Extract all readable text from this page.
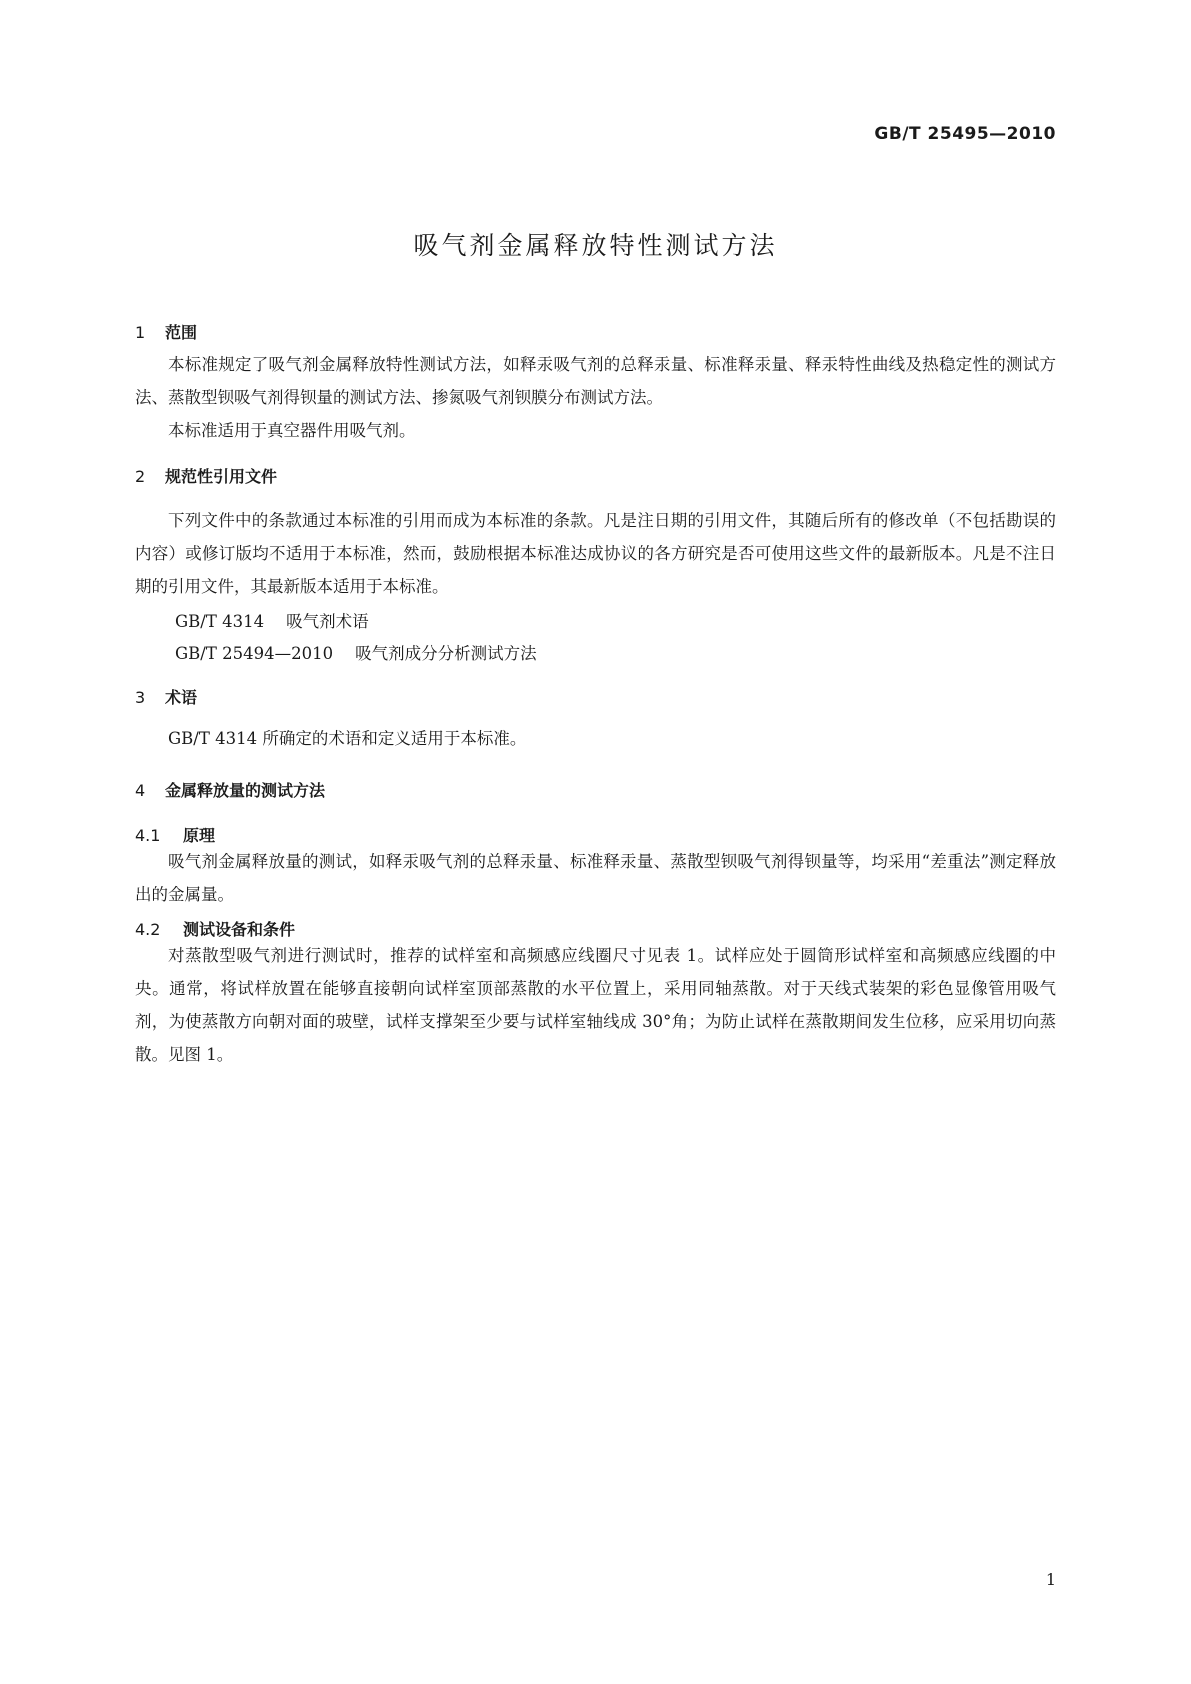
GB/T 25495—2010
吸气剂金属释放特性测试方法
1 范围

本标准规定了吸气剂金属释放特性测试方法，如释汞吸气剂的总释汞量、标准释汞量、释汞特性曲线及热稳定性的测试方法、蒸散型钡吸气剂得钡量的测试方法、掺氮吸气剂钡膜分布测试方法。

本标准适用于真空器件用吸气剂。

2 规范性引用文件

下列文件中的条款通过本标准的引用而成为本标准的条款。凡是注日期的引用文件，其随后所有的修改单（不包括勘误的内容）或修订版均不适用于本标准，然而，鼓励根据本标准达成协议的各方研究是否可使用这些文件的最新版本。凡是不注日期的引用文件，其最新版本适用于本标准。

GB/T 4314 吸气剂术语
GB/T 25494—2010 吸气剂成分分析测试方法
3 术语

GB/T 4314 所确定的术语和定义适用于本标准。

4 金属释放量的测试方法
4.1 原理

吸气剂金属释放量的测试，如释汞吸气剂的总释汞量、标准释汞量、蒸散型钡吸气剂得钡量等，均采用“差重法”测定释放出的金属量。

4.2 测试设备和条件

对蒸散型吸气剂进行测试时，推荐的试样室和高频感应线圈尺寸见表 1。试样应处于圆筒形试样室和高频感应线圈的中央。通常，将试样放置在能够直接朝向试样室顶部蒸散的水平位置上，采用同轴蒸散。对于天线式装架的彩色显像管用吸气剂，为使蒸散方向朝对面的玻壁，试样支撑架至少要与试样室轴线成 30°角；为防止试样在蒸散期间发生位移，应采用切向蒸散。见图 1。

1
